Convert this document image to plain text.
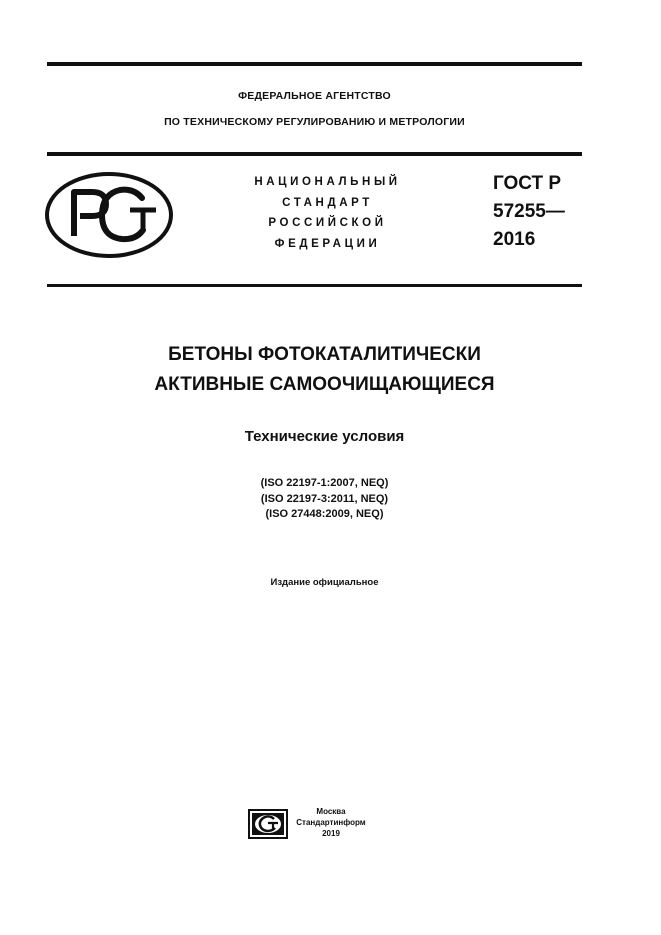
ФЕДЕРАЛЬНОЕ АГЕНТСТВО
ПО ТЕХНИЧЕСКОМУ РЕГУЛИРОВАНИЮ И МЕТРОЛОГИИ
НАЦИОНАЛЬНЫЙ
СТАНДАРТ
РОССИЙСКОЙ
ФЕДЕРАЦИИ
ГОСТ Р
57255—
2016
БЕТОНЫ ФОТОКАТАЛИТИЧЕСКИ
АКТИВНЫЕ САМООЧИЩАЮЩИЕСЯ
Технические условия
(ISO 22197-1:2007, NEQ)
(ISO 22197-3:2011, NEQ)
(ISO 27448:2009, NEQ)
Издание официальное
Москва
Стандартинформ
2019
